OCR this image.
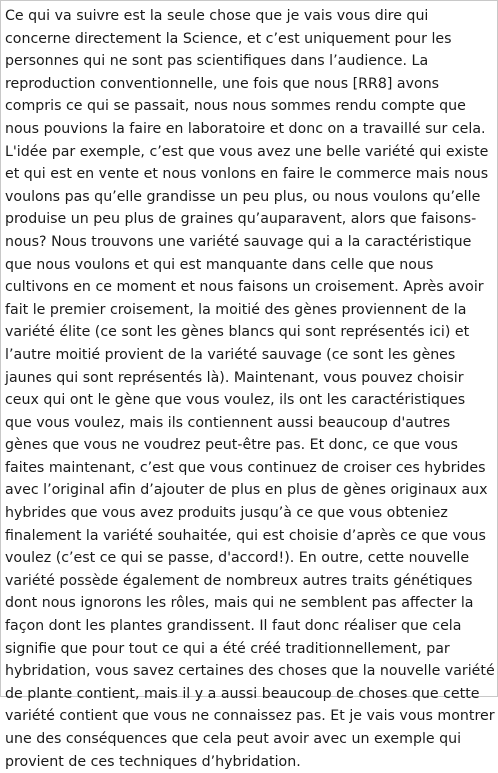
Ce qui va suivre est la seule chose que je vais vous dire qui concerne directement la Science, et c’est uniquement pour les personnes qui ne sont pas scientifiques dans l’audience. La reproduction conventionnelle, une fois que nous [RR8] avons compris ce qui se passait, nous nous sommes rendu compte que nous pouvions la faire en laboratoire et donc on a travaillé sur cela. L'idée par exemple, c’est que vous avez une belle variété qui existe et qui est en vente et nous vonlons en faire le commerce mais nous voulons pas qu’elle grandisse un peu plus, ou nous voulons qu’elle produise un peu plus de graines qu’auparavent, alors que faisons-nous? Nous trouvons une variété sauvage qui a la caractéristique que nous voulons et qui est manquante dans celle que nous cultivons en ce moment et nous faisons un croisement. Après avoir fait le premier croisement, la moitié des gènes proviennent de la variété élite (ce sont les gènes blancs qui sont représentés ici) et l’autre moitié provient de la variété sauvage (ce sont les gènes jaunes qui sont représentés là). Maintenant, vous pouvez choisir ceux qui ont le gène que vous voulez, ils ont les caractéristiques que vous voulez, mais ils contiennent aussi beaucoup d'autres gènes que vous ne voudrez peut-être pas. Et donc, ce que vous faites maintenant, c’est que vous continuez de croiser ces hybrides avec l’original afin d’ajouter de plus en plus de gènes originaux aux hybrides que vous avez produits jusqu’à ce que vous obteniez finalement la variété souhaitée, qui est choisie d’après ce que vous voulez (c’est ce qui se passe, d'accord!). En outre, cette nouvelle variété possède également de nombreux autres traits génétiques dont nous ignorons les rôles, mais qui ne semblent pas affecter la façon dont les plantes grandissent. Il faut donc réaliser que cela signifie que pour tout ce qui a été créé traditionnellement, par hybridation, vous savez certaines des choses que la nouvelle variété de plante contient, mais il y a aussi beaucoup de choses que cette variété contient que vous ne connaissez pas. Et je vais vous montrer une des conséquences que cela peut avoir avec un exemple qui provient de ces techniques d’hybridation.
